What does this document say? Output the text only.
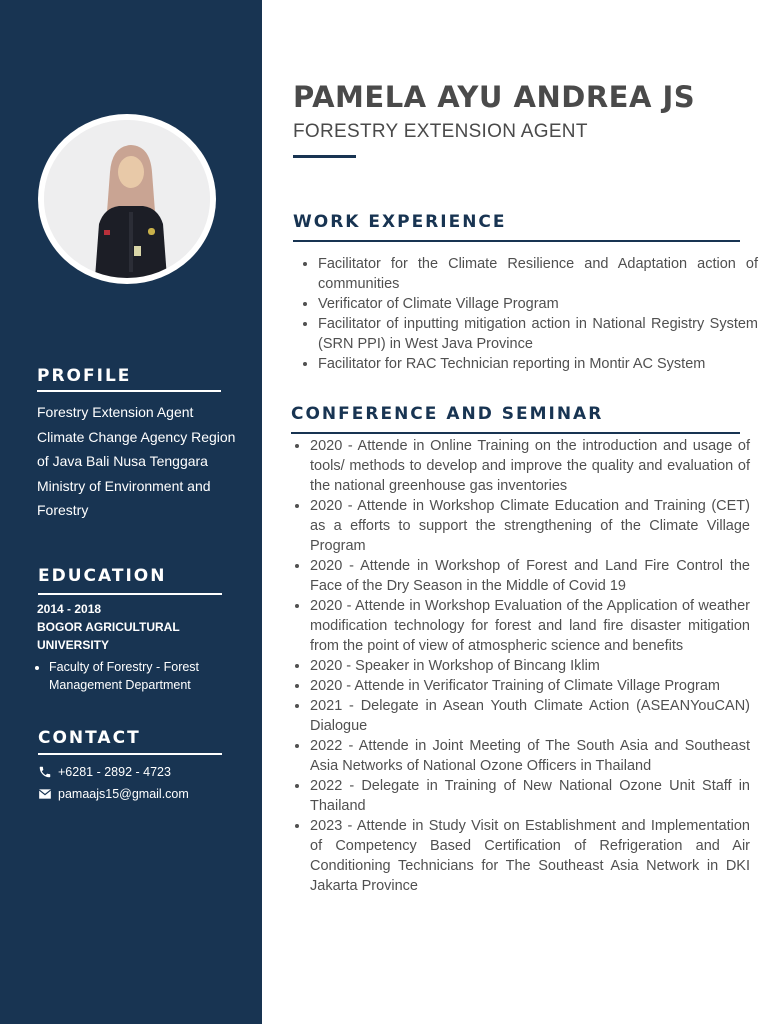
PROFILE
Forestry Extension Agent
Climate Change Agency Region
of Java Bali Nusa Tenggara
Ministry of Environment and
Forestry
EDUCATION
2014 - 2018
BOGOR AGRICULTURAL UNIVERSITY
• Faculty of Forestry - Forest Management Department
CONTACT
+6281 - 2892 - 4723
pamaajs15@gmail.com
PAMELA AYU ANDREA JS
FORESTRY EXTENSION AGENT
WORK EXPERIENCE
• Facilitator for the Climate Resilience and Adaptation action of communities
• Verificator of Climate Village Program
• Facilitator of inputting mitigation action in National Registry System (SRN PPI) in West Java Province
• Facilitator for RAC Technician reporting in Montir AC System
CONFERENCE AND SEMINAR
• 2020 - Attende in Online Training on the introduction and usage of tools/ methods to develop and improve the quality and evaluation of the national greenhouse gas inventories
• 2020 - Attende in Workshop Climate Education and Training (CET) as a efforts to support the strengthening of the Climate Village Program
• 2020 - Attende in Workshop of Forest and Land Fire Control the Face of the Dry Season in the Middle of Covid 19
• 2020 - Attende in Workshop Evaluation of the Application of weather modification technology for forest and land fire disaster mitigation from the point of view of atmospheric science and benefits
• 2020 - Speaker in Workshop of Bincang Iklim
• 2020 - Attende in Verificator Training of Climate Village Program
• 2021 - Delegate in Asean Youth Climate Action (ASEANYouCAN) Dialogue
• 2022 - Attende in Joint Meeting of The South Asia and Southeast Asia Networks of National Ozone Officers in Thailand
• 2022 - Delegate in Training of New National Ozone Unit Staff in Thailand
• 2023 - Attende in Study Visit on Establishment and Implementation of Competency Based Certification of Refrigeration and Air Conditioning Technicians for The Southeast Asia Network in DKI Jakarta Province
